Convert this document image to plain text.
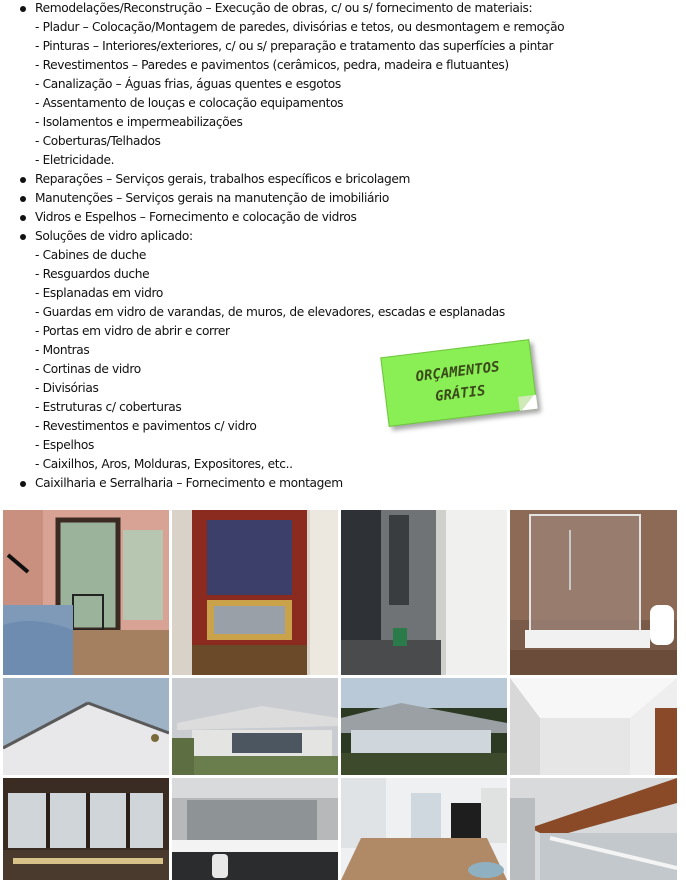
Remodelações/Reconstrução – Execução de obras, c/ ou s/ fornecimento de materiais:
- Pladur – Colocação/Montagem de paredes, divisórias e tetos, ou desmontagem e remoção
- Pinturas – Interiores/exteriores, c/ ou s/ preparação e tratamento das superfícies a pintar
- Revestimentos – Paredes e pavimentos (cerâmicos, pedra, madeira e flutuantes)
- Canalização – Águas frias, águas quentes e esgotos
- Assentamento de louças e colocação equipamentos
- Isolamentos e impermeabilizações
- Coberturas/Telhados
- Eletricidade.
Reparações – Serviços gerais, trabalhos específicos e bricolagem
Manutenções – Serviços gerais na manutenção de imobiliário
Vidros e Espelhos – Fornecimento e colocação de vidros
Soluções de vidro aplicado:
- Cabines de duche
- Resguardos duche
- Esplanadas em vidro
- Guardas em vidro de varandas, de muros, de elevadores, escadas e esplanadas
- Portas em vidro de abrir e correr
- Montras
- Cortinas de vidro
- Divisórias
- Estruturas c/ coberturas
- Revestimentos e pavimentos c/ vidro
- Espelhos
- Caixilhos, Aros, Molduras, Expositores, etc..
Caixilharia e Serralharia – Fornecimento e montagem
ORÇAMENTOS
GRÁTIS
